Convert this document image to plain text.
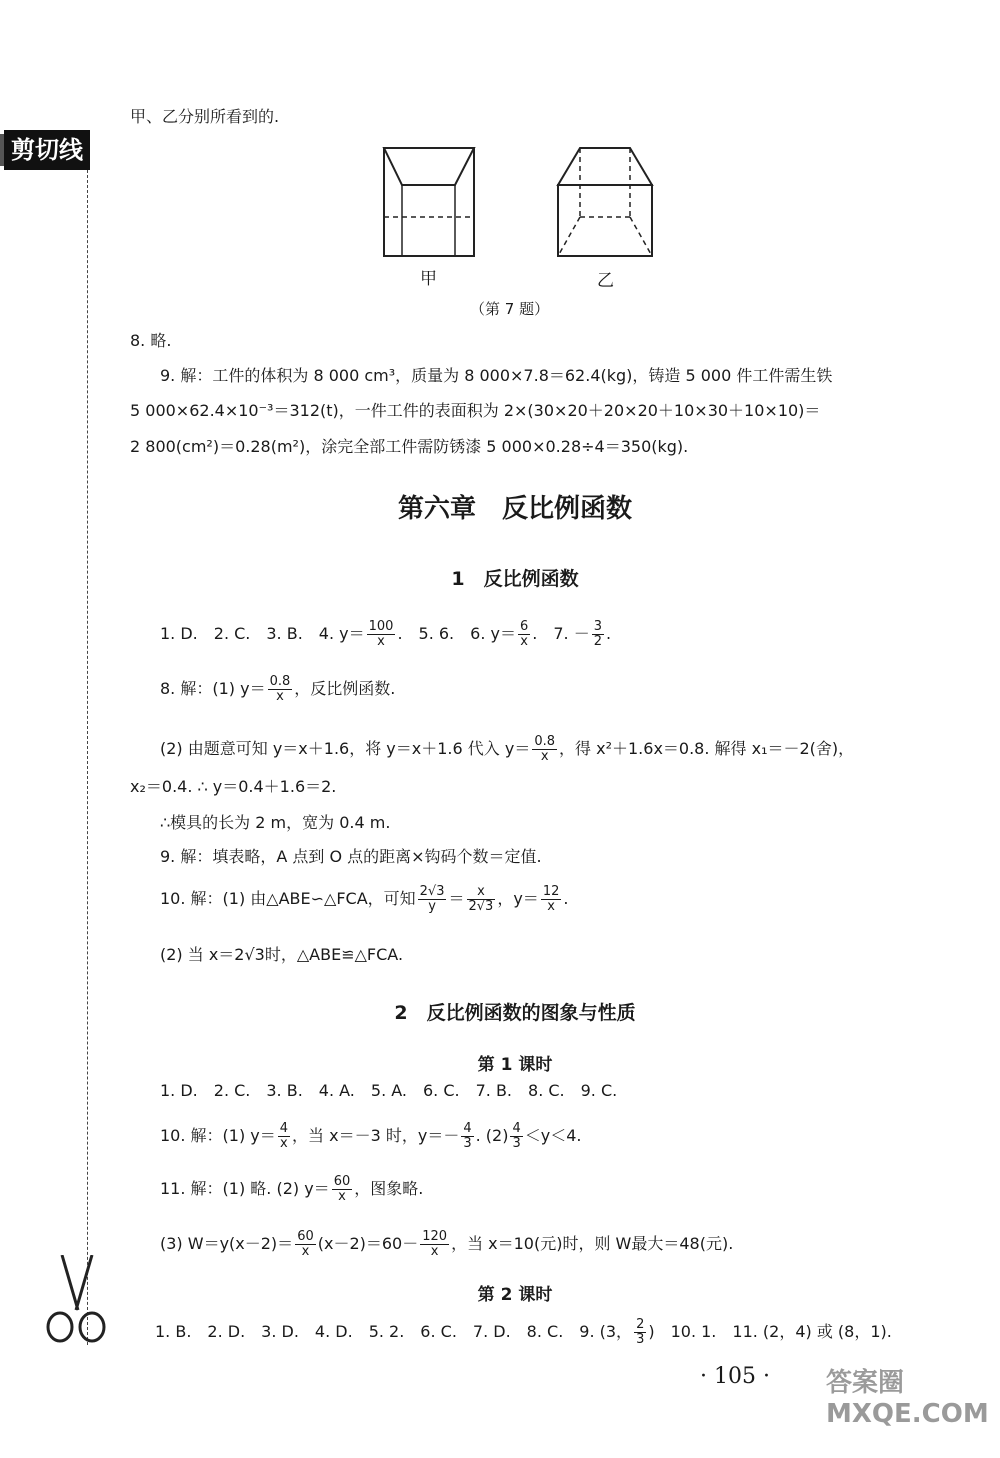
剪切线
甲、乙分别所看到的.
甲	乙
（第 7 题）
8. 略.
9. 解：工件的体积为 8 000 cm³，质量为 8 000×7.8＝62.4(kg)，铸造 5 000 件工件需生铁
5 000×62.4×10⁻³＝312(t)，一件工件的表面积为 2×(30×20＋20×20＋10×30＋10×10)＝
2 800(cm²)＝0.28(m²)，涂完全部工件需防锈漆 5 000×0.28÷4＝350(kg).
第六章　反比例函数
1　反比例函数
1. D.　2. C.　3. B.　4. $y= \frac{100}{x}$ .　5. 6.　6. $y= \frac{6}{x}$ .　7. － $\frac{3}{2}$ .
8. 解：(1) $y= \frac{0.8}{x}$ ，反比例函数.
(2) 由题意可知 y＝x＋1.6，将 y＝x＋1.6 代入 $y= \frac{0.8}{x}$ ，得 x²＋1.6x＝0.8. 解得 x₁＝－2(舍)，
x₂＝0.4. ∴ y＝0.4＋1.6＝2.
∴模具的长为 2 m，宽为 0.4 m.
9. 解：填表略，A 点到 O 点的距离×钩码个数＝定值.
10. 解：(1) 由△ABE∽△FCA，可知 $\frac{2√3}{y} = \frac{x}{2√3}$ ，$y= \frac{12}{x}$ .
(2) 当 x＝2√3时，△ABE≌△FCA.
2　反比例函数的图象与性质
第 1 课时
1. D.　2. C.　3. B.　4. A.　5. A.　6. C.　7. B.　8. C.　9. C.
10. 解：(1) $y= \frac{4}{x}$ ，当 x＝－3 时，$y=- \frac{4}{3}$ . $(2) \frac{4}{3} <y<4$.
11. 解：(1) 略. (2) $y= \frac{60}{x}$ ，图象略.
(3) $W=y(x-2)= \frac{60}{x} (x-2)=60- \frac{120}{x}$ ，当 x＝10(元)时，则 W最大＝48(元).
第 2 课时
1. B.　2. D.　3. D.　4. D.　5. 2.　6. C.　7. D.　8. C.　9. (3， $\frac{2}{3}$ )　10. 1.　11. (2，4) 或 (8，1).
· 105 · 答案圈 MXQE.COM
